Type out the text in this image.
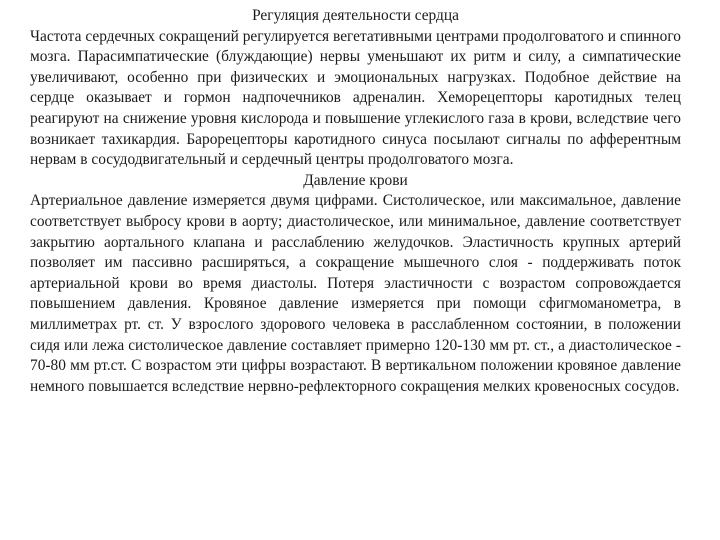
Регуляция деятельности сердца

Частота сердечных сокращений регулируется вегетативными центрами продолговатого и спинного мозга. Парасимпатические (блуждающие) нервы уменьшают их ритм и силу, а симпатические увеличивают, особенно при физических и эмоциональных нагрузках. Подобное действие на сердце оказывает и гормон надпочечников адреналин. Хеморецепторы каротидных телец реагируют на снижение уровня кислорода и повышение углекислого газа в крови, вследствие чего возникает тахикардия. Барорецепторы каротидного синуса посылают сигналы по афферентным нервам в сосудодвигательный и сердечный центры продолговатого мозга.

Давление крови

Артериальное давление измеряется двумя цифрами. Систолическое, или максимальное, давление соответствует выбросу крови в аорту; диастолическое, или минимальное, давление соответствует закрытию аортального клапана и расслаблению желудочков. Эластичность крупных артерий позволяет им пассивно расширяться, а сокращение мышечного слоя - поддерживать поток артериальной крови во время диастолы. Потеря эластичности с возрастом сопровождается повышением давления. Кровяное давление измеряется при помощи сфигмоманометра, в миллиметрах рт. ст. У взрослого здорового человека в расслабленном состоянии, в положении сидя или лежа систолическое давление составляет примерно 120-130 мм рт. ст., а диастолическое - 70-80 мм рт.ст. С возрастом эти цифры возрастают. В вертикальном положении кровяное давление немного повышается вследствие нервно-рефлекторного сокращения мелких кровеносных сосудов.
